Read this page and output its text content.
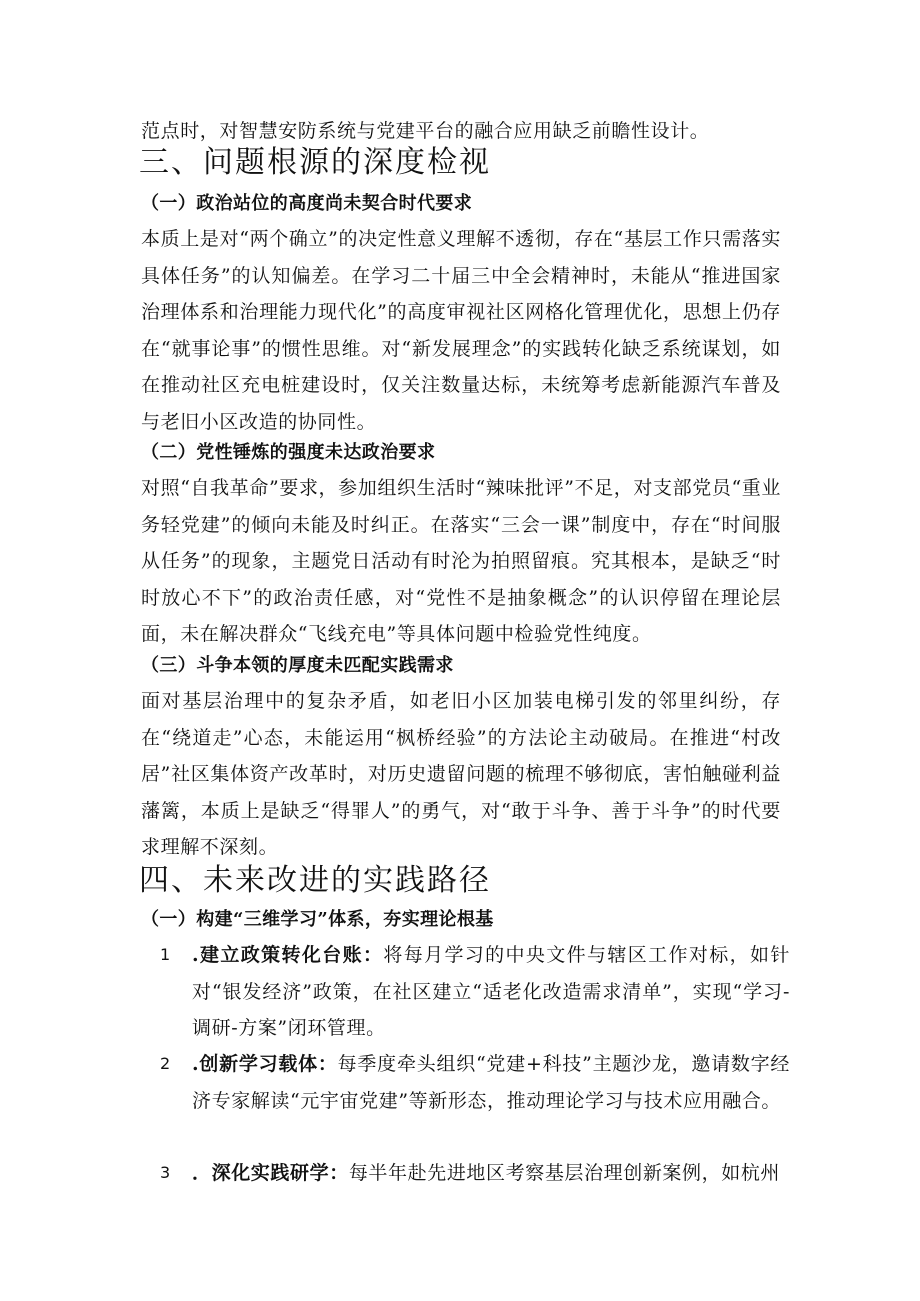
范点时，对智慧安防系统与党建平台的融合应用缺乏前瞻性设计。

三、问题根源的深度检视
（一）政治站位的高度尚未契合时代要求

本质上是对“两个确立”的决定性意义理解不透彻，存在“基层工作只需落实具体任务”的认知偏差。在学习二十届三中全会精神时，未能从“推进国家治理体系和治理能力现代化”的高度审视社区网格化管理优化，思想上仍存在“就事论事”的惯性思维。对“新发展理念”的实践转化缺乏系统谋划，如在推动社区充电桩建设时，仅关注数量达标，未统筹考虑新能源汽车普及与老旧小区改造的协同性。

（二）党性锤炼的强度未达政治要求

对照“自我革命”要求，参加组织生活时“辣味批评”不足，对支部党员“重业务轻党建”的倾向未能及时纠正。在落实“三会一课”制度中，存在“时间服从任务”的现象，主题党日活动有时沦为拍照留痕。究其根本，是缺乏“时时放心不下”的政治责任感，对“党性不是抽象概念”的认识停留在理论层面，未在解决群众“飞线充电”等具体问题中检验党性纯度。

（三）斗争本领的厚度未匹配实践需求

面对基层治理中的复杂矛盾，如老旧小区加装电梯引发的邻里纠纷，存在“绕道走”心态，未能运用“枫桥经验”的方法论主动破局。在推进“村改居”社区集体资产改革时，对历史遗留问题的梳理不够彻底，害怕触碰利益藩篱，本质上是缺乏“得罪人”的勇气，对“敢于斗争、善于斗争”的时代要求理解不深刻。

四、未来改进的实践路径
（一）构建“三维学习”体系，夯实理论根基
1 .建立政策转化台账：将每月学习的中央文件与辖区工作对标，如针对“银发经济”政策，在社区建立“适老化改造需求清单”，实现“学习-调研-方案”闭环管理。
2 .创新学习载体：每季度牵头组织“党建+科技”主题沙龙，邀请数字经济专家解读“元宇宙党建”等新形态，推动理论学习与技术应用融合。
3 ．深化实践研学：每半年赴先进地区考察基层治理创新案例，如杭州
